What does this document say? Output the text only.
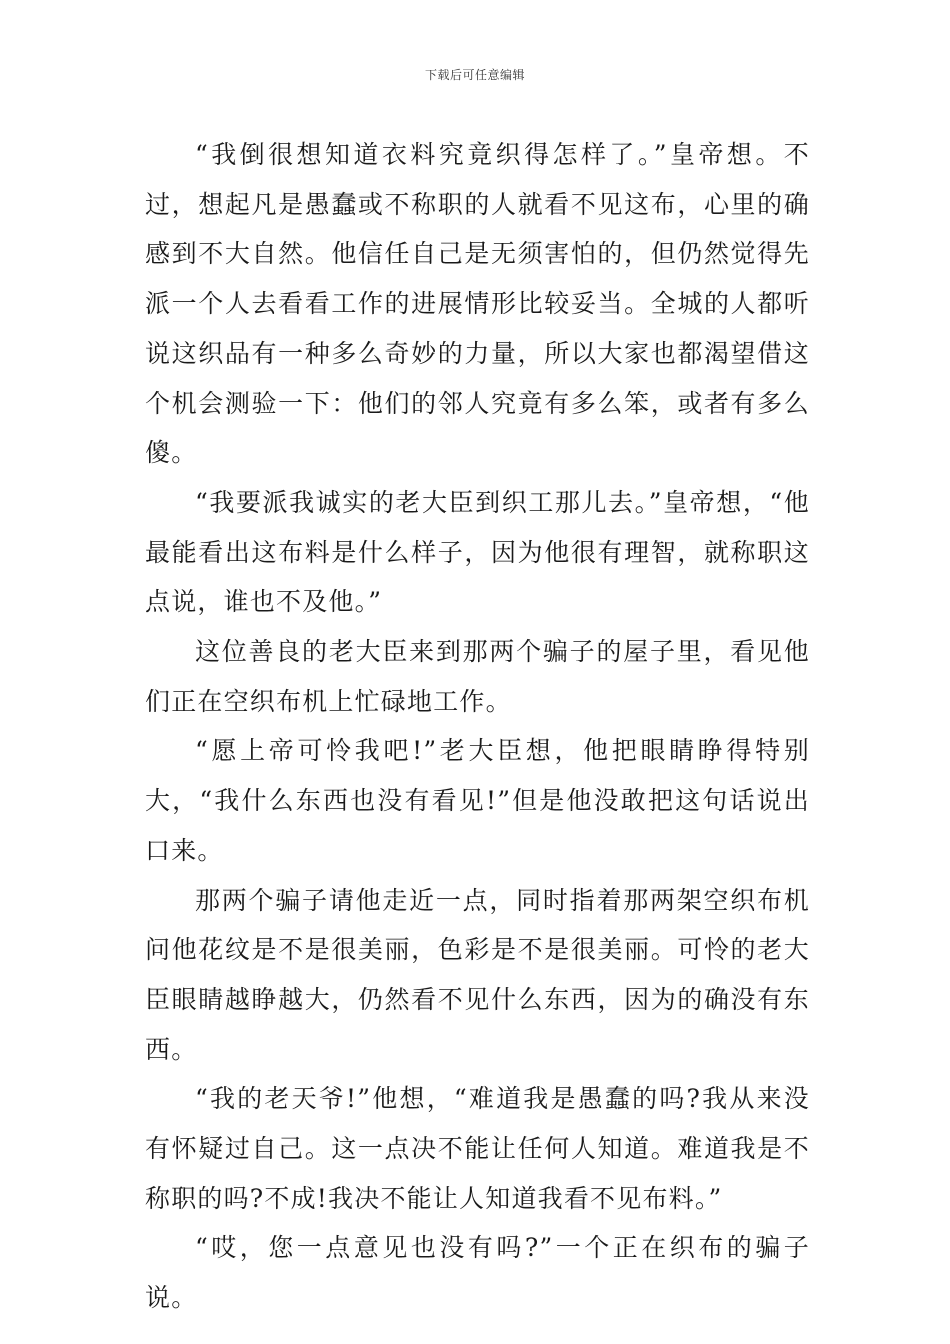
下载后可任意编辑

“我倒很想知道衣料究竟织得怎样了。”皇帝想。不过，想起凡是愚蠢或不称职的人就看不见这布，心里的确感到不大自然。他信任自己是无须害怕的，但仍然觉得先派一个人去看看工作的进展情形比较妥当。全城的人都听说这织品有一种多么奇妙的力量，所以大家也都渴望借这个机会测验一下：他们的邻人究竟有多么笨，或者有多么傻。

“我要派我诚实的老大臣到织工那儿去。”皇帝想，“他最能看出这布料是什么样子，因为他很有理智，就称职这点说，谁也不及他。”

这位善良的老大臣来到那两个骗子的屋子里，看见他们正在空织布机上忙碌地工作。

“愿上帝可怜我吧!”老大臣想，他把眼睛睁得特别大，“我什么东西也没有看见!”但是他没敢把这句话说出口来。

那两个骗子请他走近一点，同时指着那两架空织布机问他花纹是不是很美丽，色彩是不是很美丽。可怜的老大臣眼睛越睁越大，仍然看不见什么东西，因为的确没有东西。

“我的老天爷!”他想，“难道我是愚蠢的吗?我从来没有怀疑过自己。这一点决不能让任何人知道。难道我是不称职的吗?不成!我决不能让人知道我看不见布料。”

“哎，您一点意见也没有吗?”一个正在织布的骗子说。
